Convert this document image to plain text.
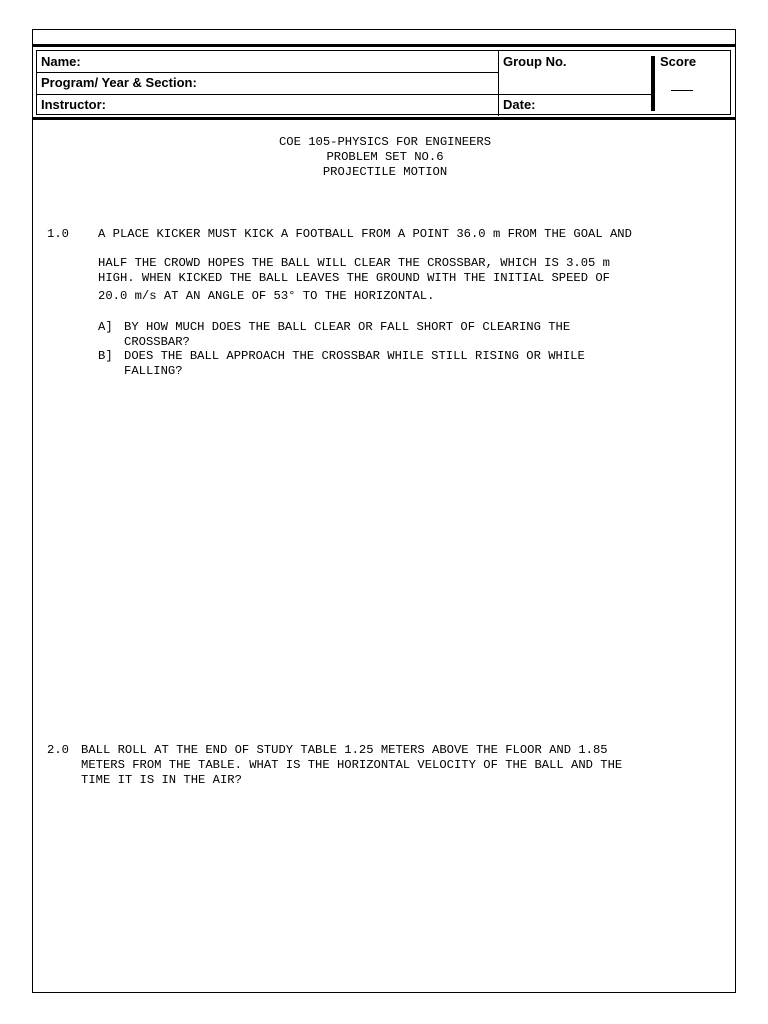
Name:
Program/ Year & Section:
Instructor:
Group No.
Date:
Score
COE 105-PHYSICS FOR ENGINEERS
PROBLEM SET NO.6
PROJECTILE MOTION
1.0 A PLACE KICKER MUST KICK A FOOTBALL FROM A POINT 36.0 m FROM THE GOAL AND
HALF THE CROWD HOPES THE BALL WILL CLEAR THE CROSSBAR, WHICH IS 3.05 m
HIGH. WHEN KICKED THE BALL LEAVES THE GROUND WITH THE INITIAL SPEED OF
20.0 m/s AT AN ANGLE OF 53° TO THE HORIZONTAL.
A] BY HOW MUCH DOES THE BALL CLEAR OR FALL SHORT OF CLEARING THE
CROSSBAR?
B] DOES THE BALL APPROACH THE CROSSBAR WHILE STILL RISING OR WHILE
FALLING?
2.0 BALL ROLL AT THE END OF STUDY TABLE 1.25 METERS ABOVE THE FLOOR AND 1.85
METERS FROM THE TABLE. WHAT IS THE HORIZONTAL VELOCITY OF THE BALL AND THE
TIME IT IS IN THE AIR?
